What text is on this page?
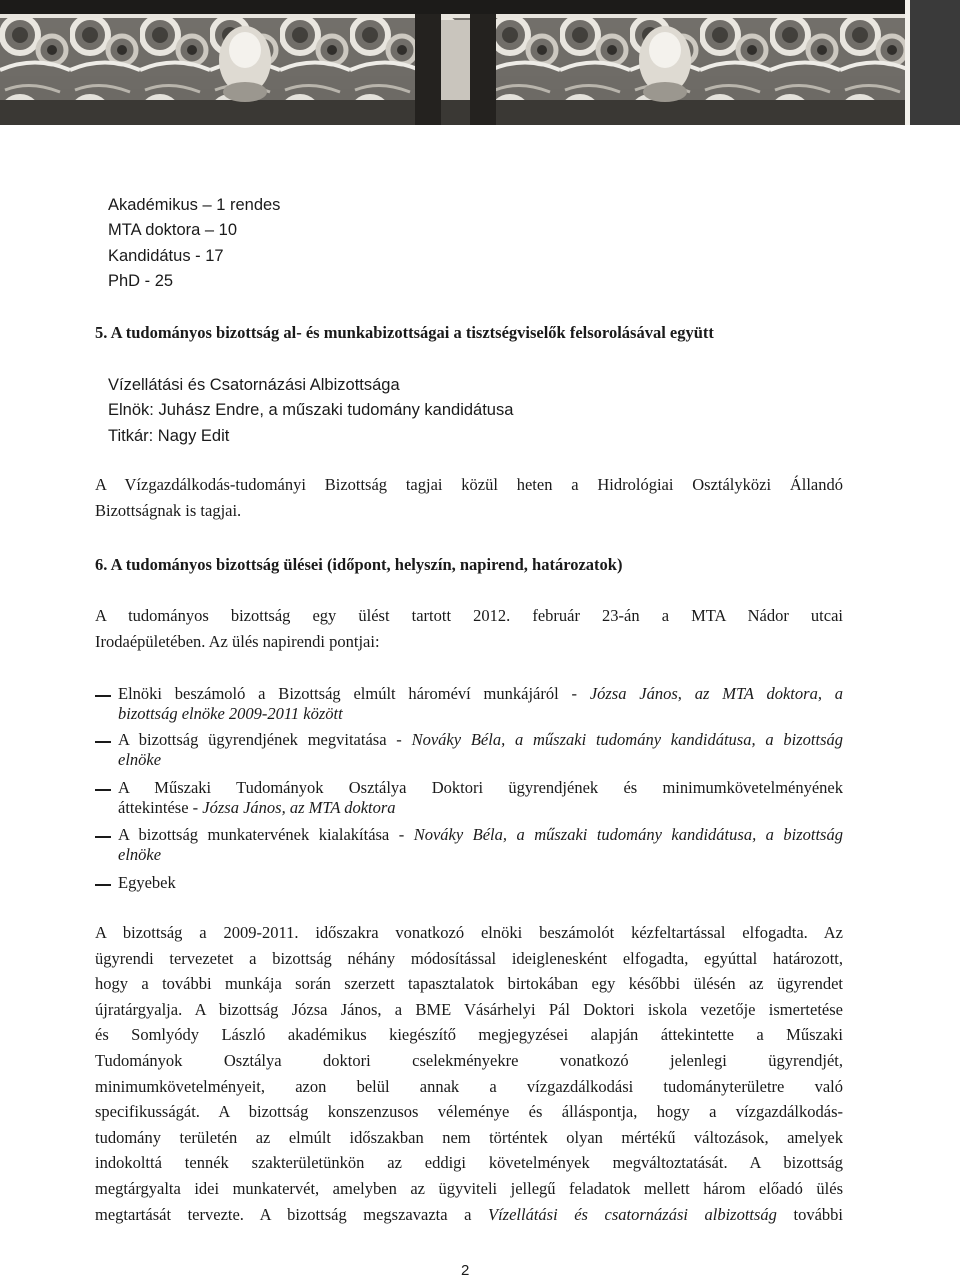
Akadémikus – 1 rendes
MTA doktora – 10
Kandidátus - 17
PhD - 25
5. A tudományos bizottság al- és munkabizottságai a tisztségviselők felsorolásával együtt
Vízellátási és Csatornázási Albizottsága
Elnök: Juhász Endre, a műszaki tudomány kandidátusa
Titkár: Nagy Edit
A Vízgazdálkodás-tudományi Bizottság tagjai közül heten a Hidrológiai Osztályközi Állandó
Bizottságnak is tagjai.
6. A tudományos bizottság ülései (időpont, helyszín, napirend, határozatok)
A tudományos bizottság egy ülést tartott 2012. február 23-án a MTA Nádor utcai
Irodaépületében. Az ülés napirendi pontjai:
Elnöki beszámoló a Bizottság elmúlt hároméví munkájáról - Józsa János, az MTA doktora, a
bizottság elnöke 2009-2011 között
A bizottság ügyrendjének megvitatása - Nováky Béla, a műszaki tudomány kandidátusa, a bizottság
elnöke
A Műszaki Tudományok Osztálya Doktori ügyrendjének és minimumkövetelményének
áttekintése - Józsa János, az MTA doktora
A bizottság munkatervének kialakítása - Nováky Béla, a műszaki tudomány kandidátusa, a bizottság
elnöke
Egyebek
A bizottság a 2009-2011. időszakra vonatkozó elnöki beszámolót kézfeltartással elfogadta. Az
ügyrendi tervezetet a bizottság néhány módosítással ideiglenesként elfogadta, egyúttal határozott,
hogy a további munkája során szerzett tapasztalatok birtokában egy későbbi ülésén az ügyrendet
újratárgyalja. A bizottság Józsa János, a BME Vásárhelyi Pál Doktori iskola vezetője ismertetése
és Somlyódy László akadémikus kiegészítő megjegyzései alapján áttekintette a Műszaki
Tudományok Osztálya doktori cselekményekre vonatkozó jelenlegi ügyrendjét,
minimumkövetelményeit, azon belül annak a vízgazdálkodási tudományterületre való
specifikusságát. A bizottság konszenzusos véleménye és álláspontja, hogy a vízgazdálkodás-
tudomány területén az elmúlt időszakban nem történtek olyan mértékű változások, amelyek
indokolttá tennék szakterületünkön az eddigi követelmények megváltoztatását. A bizottság
megtárgyalta idei munkatervét, amelyben az ügyviteli jellegű feladatok mellett három előadó ülés
megtartását tervezte. A bizottság megszavazta a Vízellátási és csatornázási albizottság további
2
